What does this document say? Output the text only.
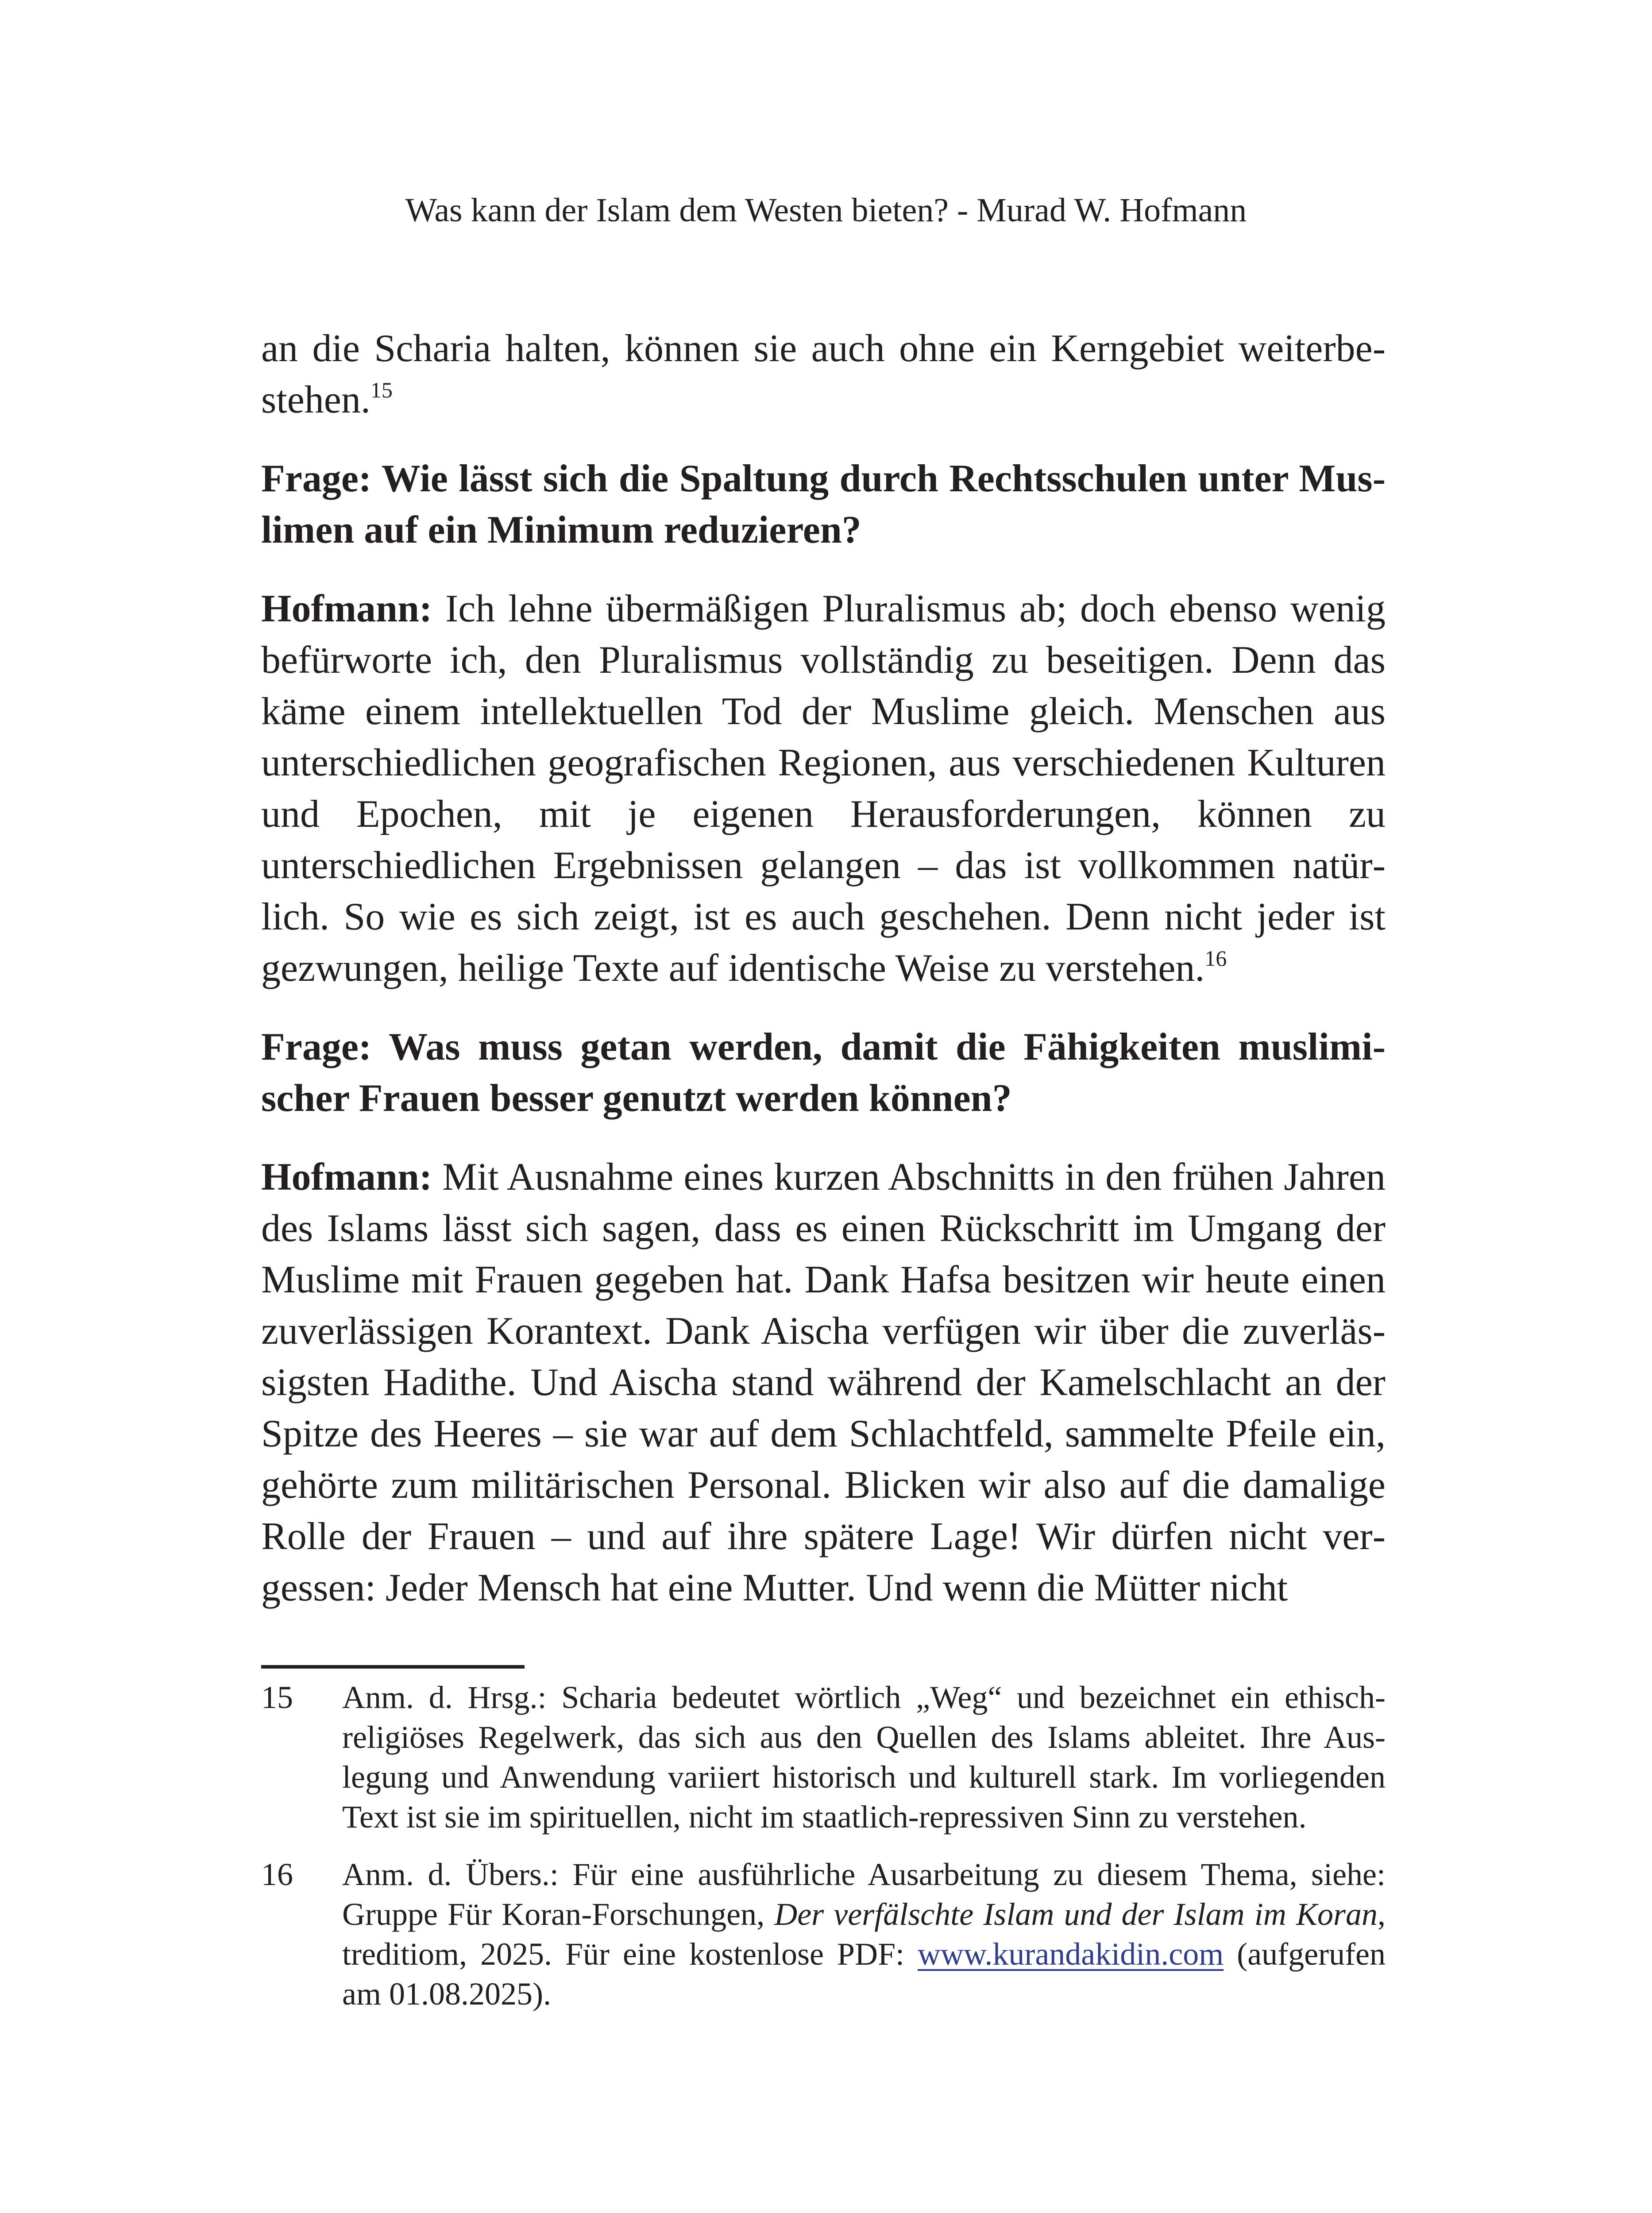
Was kann der Islam dem Westen bieten? - Murad W. Hofmann

an die Scharia halten, können sie auch ohne ein Kerngebiet weiterbestehen.$^{15}$

Frage: Wie lässt sich die Spaltung durch Rechtsschulen unter Muslimen auf ein Minimum reduzieren?

Hofmann: Ich lehne übermäßigen Pluralismus ab; doch ebenso wenig befürworte ich, den Pluralismus vollständig zu beseitigen. Denn das käme einem intellektuellen Tod der Muslime gleich. Menschen aus unterschiedlichen geografischen Regionen, aus verschiedenen Kulturen und Epochen, mit je eigenen Herausforderungen, können zu unterschiedlichen Ergebnissen gelangen – das ist vollkommen natürlich. So wie es sich zeigt, ist es auch geschehen. Denn nicht jeder ist gezwungen, heilige Texte auf identische Weise zu verstehen.$^{16}$

Frage: Was muss getan werden, damit die Fähigkeiten muslimischer Frauen besser genutzt werden können?

Hofmann: Mit Ausnahme eines kurzen Abschnitts in den frühen Jahren des Islams lässt sich sagen, dass es einen Rückschritt im Umgang der Muslime mit Frauen gegeben hat. Dank Hafsa besitzen wir heute einen zuverlässigen Korantext. Dank Aischa verfügen wir über die zuverlässigsten Hadithe. Und Aischa stand während der Kamelschlacht an der Spitze des Heeres – sie war auf dem Schlachtfeld, sammelte Pfeile ein, gehörte zum militärischen Personal. Blicken wir also auf die damalige Rolle der Frauen – und auf ihre spätere Lage! Wir dürfen nicht vergessen: Jeder Mensch hat eine Mutter. Und wenn die Mütter nicht

15 Anm. d. Hrsg.: Scharia bedeutet wörtlich „Weg“ und bezeichnet ein ethisch-religiöses Regelwerk, das sich aus den Quellen des Islams ableitet. Ihre Auslegung und Anwendung variiert historisch und kulturell stark. Im vorliegenden Text ist sie im spirituellen, nicht im staatlich-repressiven Sinn zu verstehen.
16 Anm. d. Übers.: Für eine ausführliche Ausarbeitung zu diesem Thema, siehe: Gruppe Für Koran-Forschungen, Der verfälschte Islam und der Islam im Koran, treditiom, 2025. Für eine kostenlose PDF: www.kurandakidin.com (aufgerufen am 01.08.2025).
